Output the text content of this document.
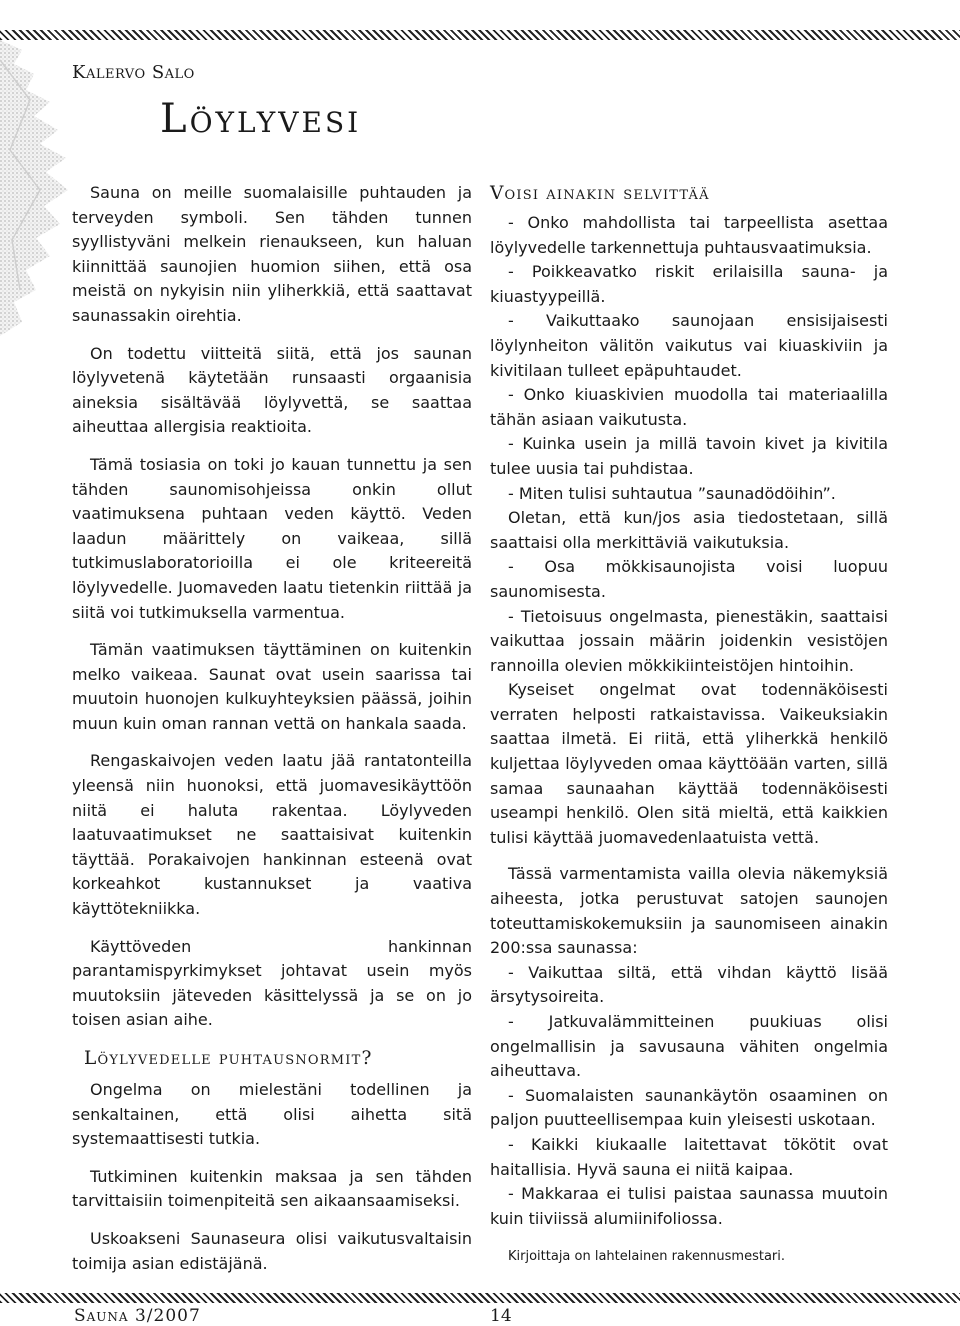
Kalervo Salo
Löylyvesi

Sauna on meille suomalaisille puhtauden ja terveyden symboli. Sen tähden tunnen syyllistyväni melkein rienaukseen, kun haluan kiinnittää saunojien huomion siihen, että osa meistä on nykyisin niin yliherkkiä, että saattavat saunassakin oirehtia.

On todettu viitteitä siitä, että jos saunan löylyvetenä käytetään runsaasti orgaanisia aineksia sisältävää löylyvettä, se saattaa aiheuttaa allergisia reaktioita.

Tämä tosiasia on toki jo kauan tunnettu ja sen tähden saunomisohjeissa onkin ollut vaatimuksena puhtaan veden käyttö. Veden laadun määrittely on vaikeaa, sillä tutkimuslaboratorioilla ei ole kriteereitä löylyvedelle. Juomaveden laatu tietenkin riittää ja siitä voi tutkimuksella varmentua.

Tämän vaatimuksen täyttäminen on kuitenkin melko vaikeaa. Saunat ovat usein saarissa tai muutoin huonojen kulkuyhteyksien päässä, joihin muun kuin oman rannan vettä on hankala saada.

Rengaskaivojen veden laatu jää rantatonteilla yleensä niin huonoksi, että juomavesikäyttöön niitä ei haluta rakentaa. Löylyveden laatuvaatimukset ne saattaisivat kuitenkin täyttää. Porakaivojen hankinnan esteenä ovat korkeahkot kustannukset ja vaativa käyttötekniikka.

Käyttöveden hankinnan parantamispyrkimykset johtavat usein myös muutoksiin jäteveden käsittelyssä ja se on jo toisen asian aihe.

Löylyvedelle puhtausnormit?

Ongelma on mielestäni todellinen ja senkaltainen, että olisi aihetta sitä systemaattisesti tutkia.

Tutkiminen kuitenkin maksaa ja sen tähden tarvittaisiin toimenpiteitä sen aikaansaamiseksi.

Uskoakseni Saunaseura olisi vaikutusvaltaisin toimija asian edistäjänä.

Voisi ainakin selvittää

- Onko mahdollista tai tarpeellista asettaa löylyvedelle tarkennettuja puhtausvaatimuksia.

- Poikkeavatko riskit erilaisilla sauna- ja kiuastyypeillä.

- Vaikuttaako saunojaan ensisijaisesti löylynheiton välitön vaikutus vai kiuaskiviin ja kivitilaan tulleet epäpuhtaudet.

- Onko kiuaskivien muodolla tai materiaalilla tähän asiaan vaikutusta.

- Kuinka usein ja millä tavoin kivet ja kivitila tulee uusia tai puhdistaa.

- Miten tulisi suhtautua ”saunadödöihin”.

Oletan, että kun/jos asia tiedostetaan, sillä saattaisi olla merkittäviä vaikutuksia.

- Osa mökkisaunojista voisi luopuu saunomisesta.

- Tietoisuus ongelmasta, pienestäkin, saattaisi vaikuttaa jossain määrin joidenkin vesistöjen rannoilla olevien mökkikiinteistöjen hintoihin.

Kyseiset ongelmat ovat todennäköisesti verraten helposti ratkaistavissa. Vaikeuksiakin saattaa ilmetä. Ei riitä, että yliherkkä henkilö kuljettaa löylyveden omaa käyttöään varten, sillä samaa saunaahan käyttää todennäköisesti useampi henkilö. Olen sitä mieltä, että kaikkien tulisi käyttää juomavedenlaatuista vettä.

Tässä varmentamista vailla olevia näkemyksiä aiheesta, jotka perustuvat satojen saunojen toteuttamiskokemuksiin ja saunomiseen ainakin 200:ssa saunassa:

- Vaikuttaa siltä, että vihdan käyttö lisää ärsytysoireita.

- Jatkuvalämmitteinen puukiuas olisi ongelmallisin ja savusauna vähiten ongelmia aiheuttava.

- Suomalaisten saunankäytön osaaminen on paljon puutteellisempaa kuin yleisesti uskotaan.

- Kaikki kiukaalle laitettavat tökötit ovat haitallisia. Hyvä sauna ei niitä kaipaa.

- Makkaraa ei tulisi paistaa saunassa muutoin kuin tiiviissä alumiinifoliossa.

Kirjoittaja on lahtelainen rakennusmestari.
Sauna 3/2007	14
